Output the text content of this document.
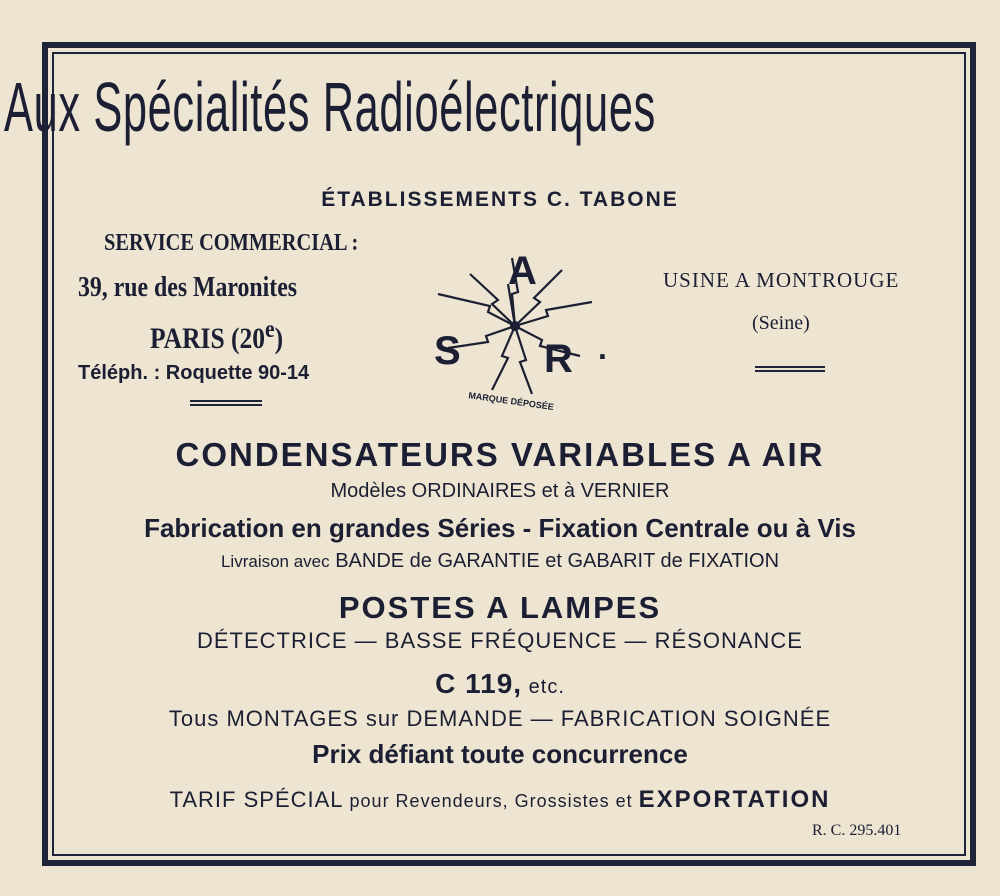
Aux Spécialités Radioélectriques
ÉTABLISSEMENTS C. TABONE
SERVICE COMMERCIAL :
39, rue des Maronites
PARIS (20e)
Téléph. : Roquette 90-14
USINE A MONTROUGE
(Seine)
A
S R .
MARQUE DÉPOSÉE
CONDENSATEURS VARIABLES A AIR
Modèles ORDINAIRES et à VERNIER
Fabrication en grandes Séries - Fixation Centrale ou à Vis
Livraison avec BANDE de GARANTIE et GABARIT de FIXATION
POSTES A LAMPES
DÉTECTRICE — BASSE FRÉQUENCE — RÉSONANCE
C 119, etc.
Tous MONTAGES sur DEMANDE — FABRICATION SOIGNÉE
Prix défiant toute concurrence
TARIF SPÉCIAL pour Revendeurs, Grossistes et EXPORTATION
R. C. 295.401
